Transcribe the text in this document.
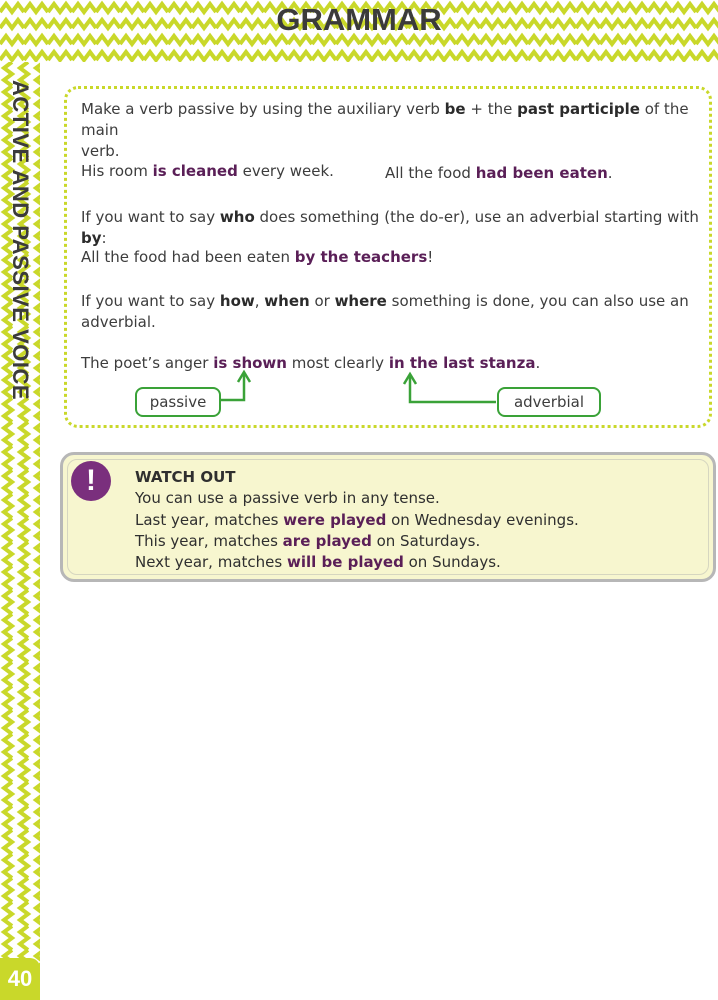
GRAMMAR
ACTIVE AND PASSIVE VOICE
40
Make a verb passive by using the auxiliary verb be + the past participle of the main
verb.
His room is cleaned every week.	All the food had been eaten.
If you want to say who does something (the do-er), use an adverbial starting with by:
All the food had been eaten by the teachers!
If you want to say how, when or where something is done, you can also use an
adverbial.
The poet’s anger is shown most clearly in the last stanza.
passive	adverbial
!	WATCH OUT
You can use a passive verb in any tense.
Last year, matches were played on Wednesday evenings.
This year, matches are played on Saturdays.
Next year, matches will be played on Sundays.
